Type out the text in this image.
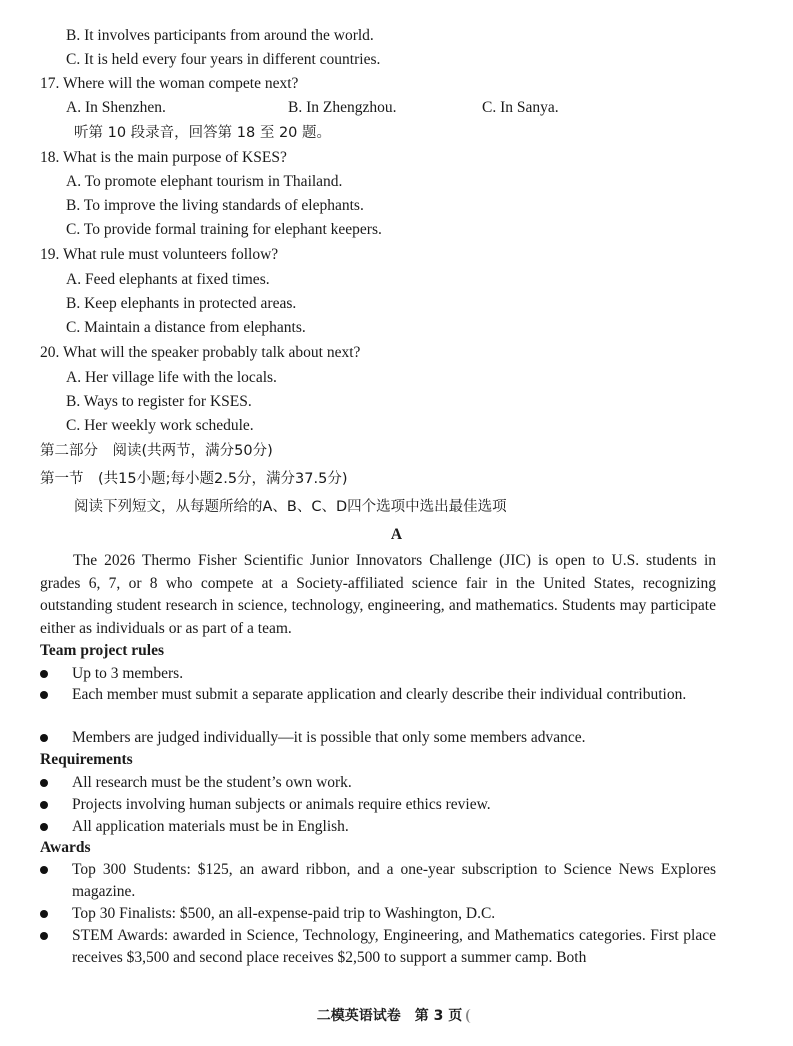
B. It involves participants from around the world.
C. It is held every four years in different countries.
17. Where will the woman compete next?
A. In Shenzhen.	B. In Zhengzhou.	C. In Sanya.
听第 10 段录音，回答第 18 至 20 题。
18. What is the main purpose of KSES?
A. To promote elephant tourism in Thailand.
B. To improve the living standards of elephants.
C. To provide formal training for elephant keepers.
19. What rule must volunteers follow?
A. Feed elephants at fixed times.
B. Keep elephants in protected areas.
C. Maintain a distance from elephants.
20. What will the speaker probably talk about next?
A. Her village life with the locals.
B. Ways to register for KSES.
C. Her weekly work schedule.
第二部分　阅读(共两节，满分50分)
第一节　(共15小题;每小题2.5分，满分37.5分)
阅读下列短文，从每题所给的A、B、C、D四个选项中选出最佳选项
A
The 2026 Thermo Fisher Scientific Junior Innovators Challenge (JIC) is open to U.S. students in grades 6, 7, or 8 who compete at a Society-affiliated science fair in the United States, recognizing outstanding student research in science, technology, engineering, and mathematics. Students may participate either as individuals or as part of a team.
Team project rules
Up to 3 members.
Each member must submit a separate application and clearly describe their individual contribution.
Members are judged individually—it is possible that only some members advance.
Requirements
All research must be the student’s own work.
Projects involving human subjects or animals require ethics review.
All application materials must be in English.
Awards
Top 300 Students: $125, an award ribbon, and a one-year subscription to Science News Explores magazine.
Top 30 Finalists: $500, an all-expense-paid trip to Washington, D.C.
STEM Awards: awarded in Science, Technology, Engineering, and Mathematics categories. First place receives $3,500 and second place receives $2,500 to support a summer camp. Both
二模英语试卷　第 3 页
